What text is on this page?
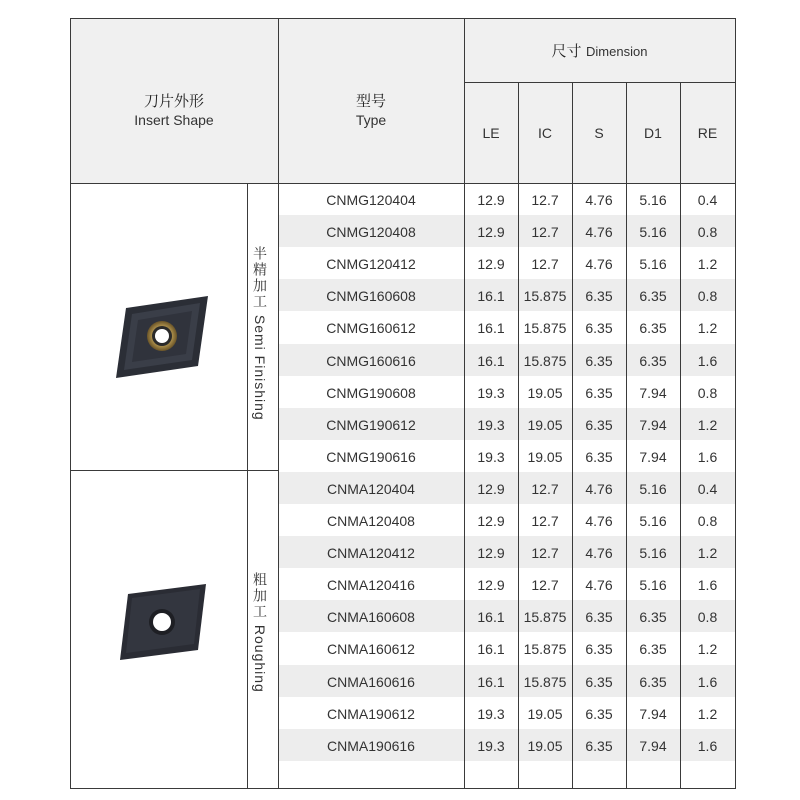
刀片外形
Insert Shape
型号
Type
尺寸 Dimension
LE	IC	S	D1	RE
CNMG120404	12.9	12.7	4.76	5.16	0.4
CNMG120408	12.9	12.7	4.76	5.16	0.8
CNMG120412	12.9	12.7	4.76	5.16	1.2
CNMG160608	16.1	15.875	6.35	6.35	0.8
CNMG160612	16.1	15.875	6.35	6.35	1.2
CNMG160616	16.1	15.875	6.35	6.35	1.6
CNMG190608	19.3	19.05	6.35	7.94	0.8
CNMG190612	19.3	19.05	6.35	7.94	1.2
CNMG190616	19.3	19.05	6.35	7.94	1.6
CNMA120404	12.9	12.7	4.76	5.16	0.4
CNMA120408	12.9	12.7	4.76	5.16	0.8
CNMA120412	12.9	12.7	4.76	5.16	1.2
CNMA120416	12.9	12.7	4.76	5.16	1.6
CNMA160608	16.1	15.875	6.35	6.35	0.8
CNMA160612	16.1	15.875	6.35	6.35	1.2
CNMA160616	16.1	15.875	6.35	6.35	1.6
CNMA190612	19.3	19.05	6.35	7.94	1.2
CNMA190616	19.3	19.05	6.35	7.94	1.6
半精加工 Semi Finishing
粗加工 Roughing
